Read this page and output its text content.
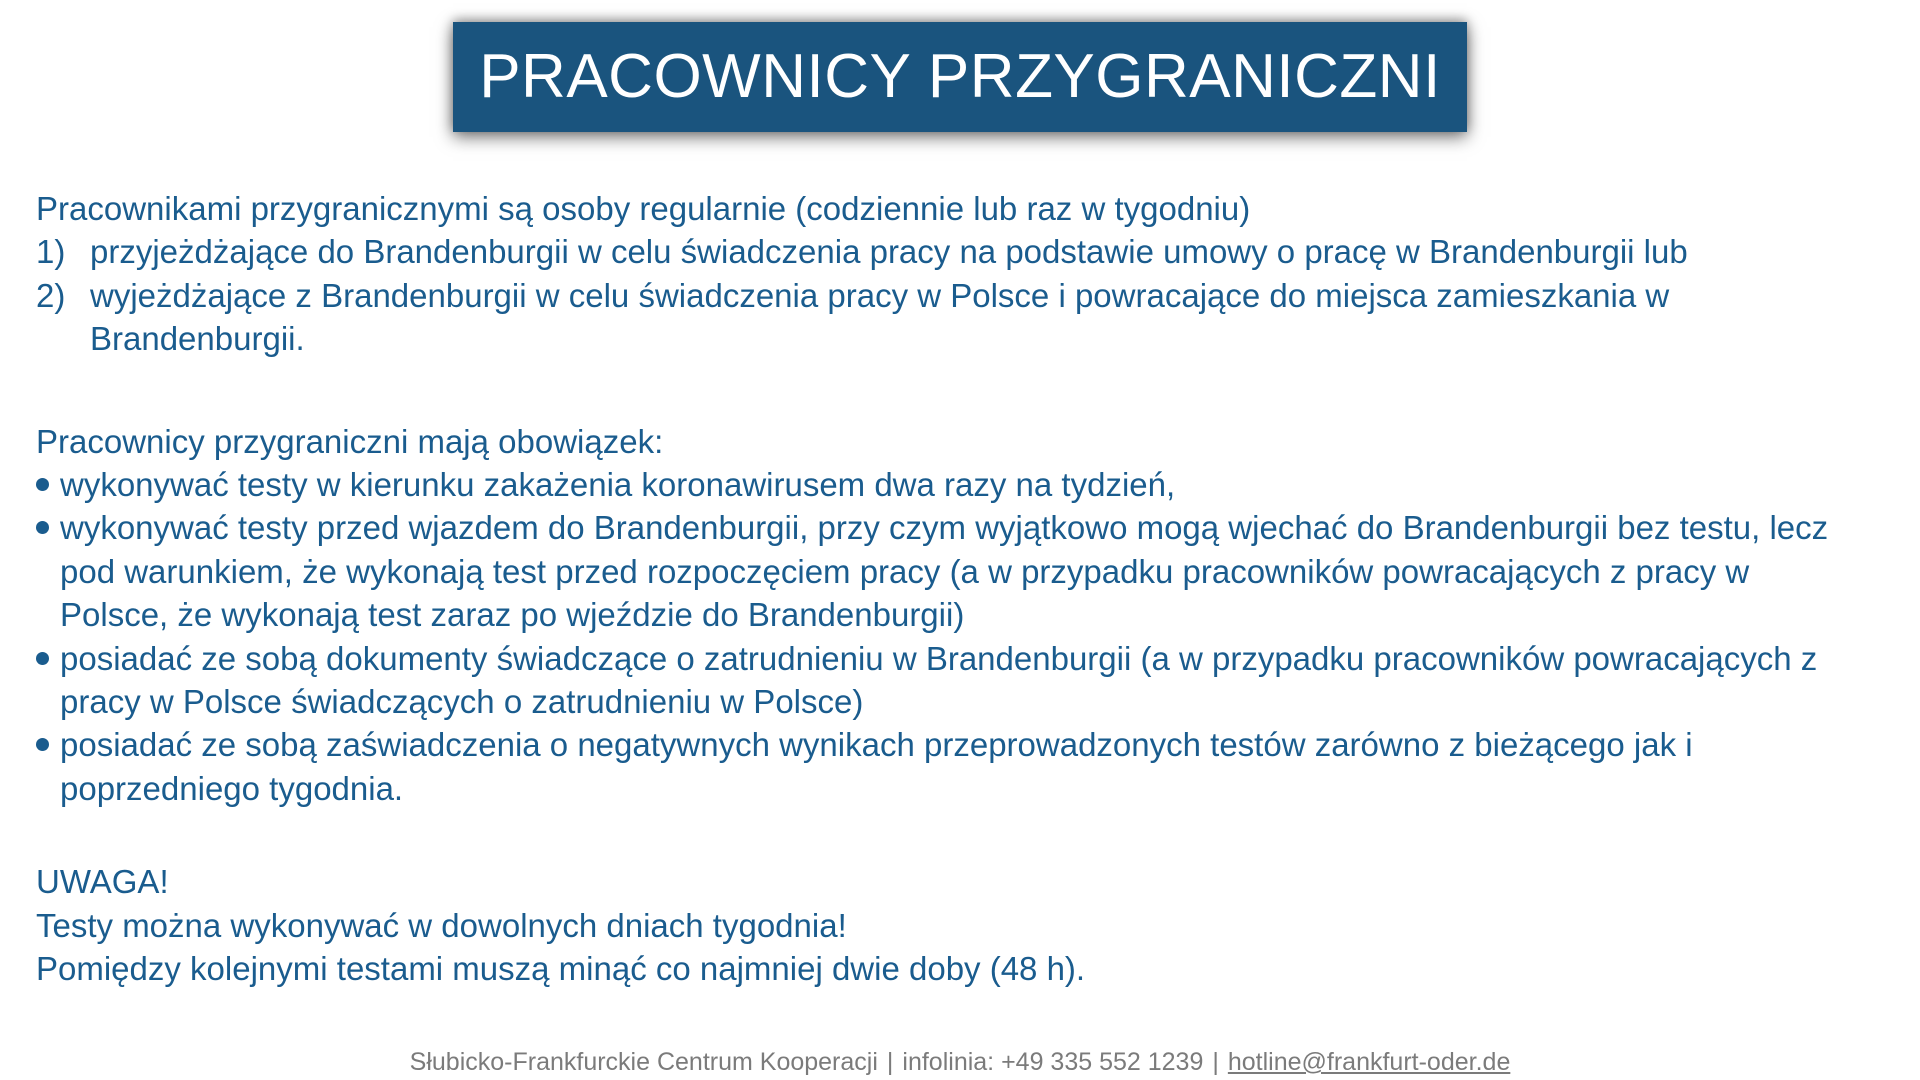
PRACOWNICY PRZYGRANICZNI

Pracownikami przygranicznymi są osoby regularnie (codziennie lub raz w tygodniu)

1) przyjeżdżające do Brandenburgii w celu świadczenia pracy na podstawie umowy o pracę w Brandenburgii lub
2) wyjeżdżające z Brandenburgii w celu świadczenia pracy w Polsce i powracające do miejsca zamieszkania w Brandenburgii.

Pracownicy przygraniczni mają obowiązek:

wykonywać testy w kierunku zakażenia koronawirusem dwa razy na tydzień,
wykonywać testy przed wjazdem do Brandenburgii, przy czym wyjątkowo mogą wjechać do Brandenburgii bez testu, lecz pod warunkiem, że wykonają test przed rozpoczęciem pracy (a w przypadku pracowników powracających z pracy w Polsce, że wykonają test zaraz po wjeździe do Brandenburgii)
posiadać ze sobą dokumenty świadczące o zatrudnieniu w Brandenburgii (a w przypadku pracowników powracających z pracy w Polsce świadczących o zatrudnieniu w Polsce)
posiadać ze sobą zaświadczenia o negatywnych wynikach przeprowadzonych testów zarówno z bieżącego jak i poprzedniego tygodnia.

UWAGA!

Testy można wykonywać w dowolnych dniach tygodnia!

Pomiędzy kolejnymi testami muszą minąć co najmniej dwie doby (48 h).

Słubicko-Frankfurckie Centrum Kooperacji | infolinia: +49 335 552 1239 | hotline@frankfurt-oder.de
